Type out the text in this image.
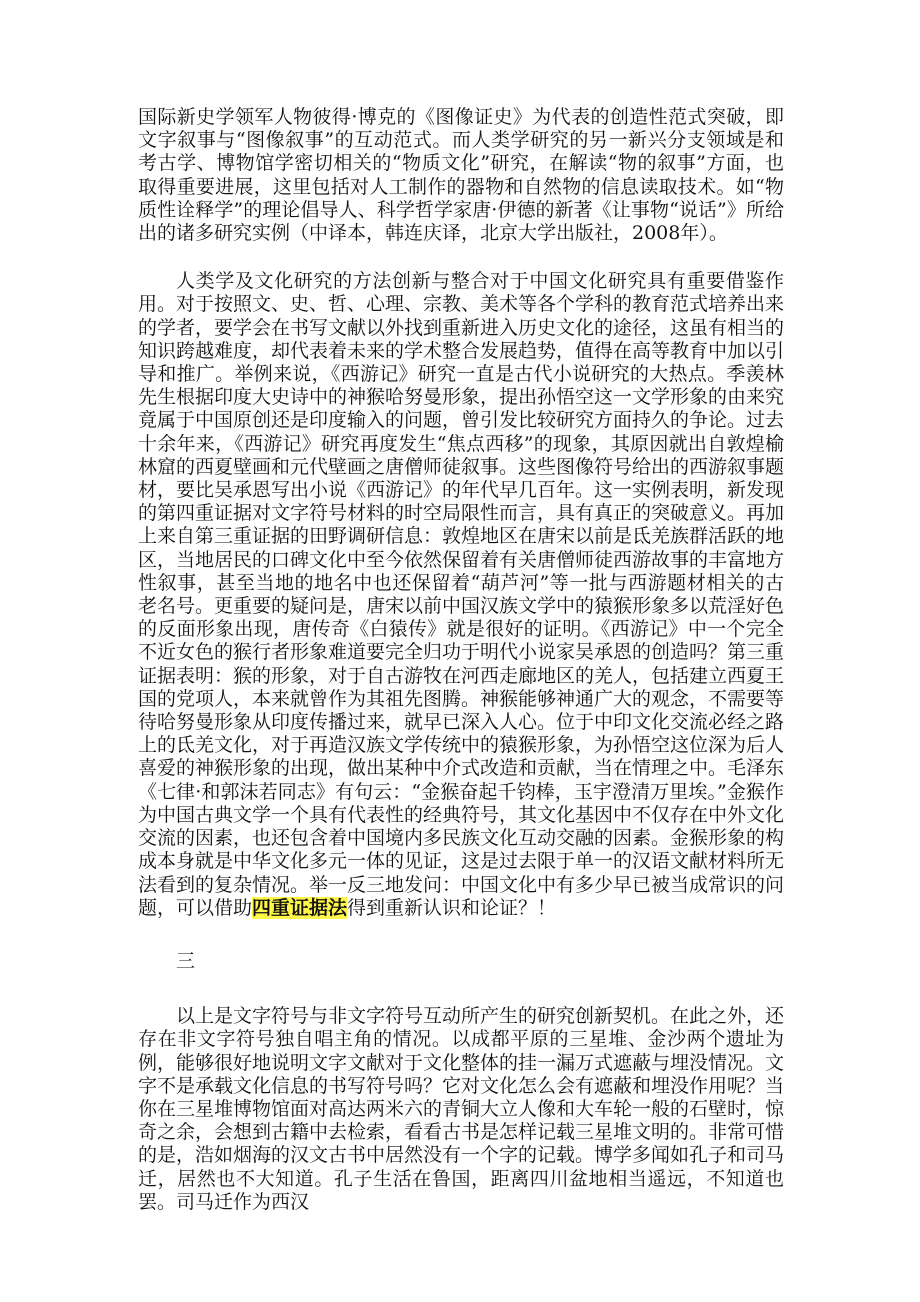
国际新史学领军人物彼得·博克的《图像证史》为代表的创造性范式突破，即文字叙事与“图像叙事”的互动范式。而人类学研究的另一新兴分支领域是和考古学、博物馆学密切相关的“物质文化”研究，在解读“物的叙事”方面，也取得重要进展，这里包括对人工制作的器物和自然物的信息读取技术。如“物质性诠释学”的理论倡导人、科学哲学家唐·伊德的新著《让事物“说话”》所给出的诸多研究实例（中译本，韩连庆译，北京大学出版社，2008年）。

人类学及文化研究的方法创新与整合对于中国文化研究具有重要借鉴作用。对于按照文、史、哲、心理、宗教、美术等各个学科的教育范式培养出来的学者，要学会在书写文献以外找到重新进入历史文化的途径，这虽有相当的知识跨越难度，却代表着未来的学术整合发展趋势，值得在高等教育中加以引导和推广。举例来说，《西游记》研究一直是古代小说研究的大热点。季羡林先生根据印度大史诗中的神猴哈努曼形象，提出孙悟空这一文学形象的由来究竟属于中国原创还是印度输入的问题，曾引发比较研究方面持久的争论。过去十余年来，《西游记》研究再度发生“焦点西移”的现象，其原因就出自敦煌榆林窟的西夏壁画和元代壁画之唐僧师徒叙事。这些图像符号给出的西游叙事题材，要比吴承恩写出小说《西游记》的年代早几百年。这一实例表明，新发现的第四重证据对文字符号材料的时空局限性而言，具有真正的突破意义。再加上来自第三重证据的田野调研信息：敦煌地区在唐宋以前是氐羌族群活跃的地区，当地居民的口碑文化中至今依然保留着有关唐僧师徒西游故事的丰富地方性叙事，甚至当地的地名中也还保留着“葫芦河”等一批与西游题材相关的古老名号。更重要的疑问是，唐宋以前中国汉族文学中的猿猴形象多以荒淫好色的反面形象出现，唐传奇《白猿传》就是很好的证明。《西游记》中一个完全不近女色的猴行者形象难道要完全归功于明代小说家吴承恩的创造吗？第三重证据表明：猴的形象，对于自古游牧在河西走廊地区的羌人，包括建立西夏王国的党项人，本来就曾作为其祖先图腾。神猴能够神通广大的观念，不需要等待哈努曼形象从印度传播过来，就早已深入人心。位于中印文化交流必经之路上的氐羌文化，对于再造汉族文学传统中的猿猴形象，为孙悟空这位深为后人喜爱的神猴形象的出现，做出某种中介式改造和贡献，当在情理之中。毛泽东《七律·和郭沫若同志》有句云：“金猴奋起千钧棒，玉宇澄清万里埃。”金猴作为中国古典文学一个具有代表性的经典符号，其文化基因中不仅存在中外文化交流的因素，也还包含着中国境内多民族文化互动交融的因素。金猴形象的构成本身就是中华文化多元一体的见证，这是过去限于单一的汉语文献材料所无法看到的复杂情况。举一反三地发问：中国文化中有多少早已被当成常识的问题，可以借助四重证据法得到重新认识和论证？！

三

以上是文字符号与非文字符号互动所产生的研究创新契机。在此之外，还存在非文字符号独自唱主角的情况。以成都平原的三星堆、金沙两个遗址为例，能够很好地说明文字文献对于文化整体的挂一漏万式遮蔽与埋没情况。文字不是承载文化信息的书写符号吗？它对文化怎么会有遮蔽和埋没作用呢？当你在三星堆博物馆面对高达两米六的青铜大立人像和大车轮一般的石壁时，惊奇之余，会想到古籍中去检索，看看古书是怎样记载三星堆文明的。非常可惜的是，浩如烟海的汉文古书中居然没有一个字的记载。博学多闻如孔子和司马迁，居然也不大知道。孔子生活在鲁国，距离四川盆地相当遥远，不知道也罢。司马迁作为西汉
